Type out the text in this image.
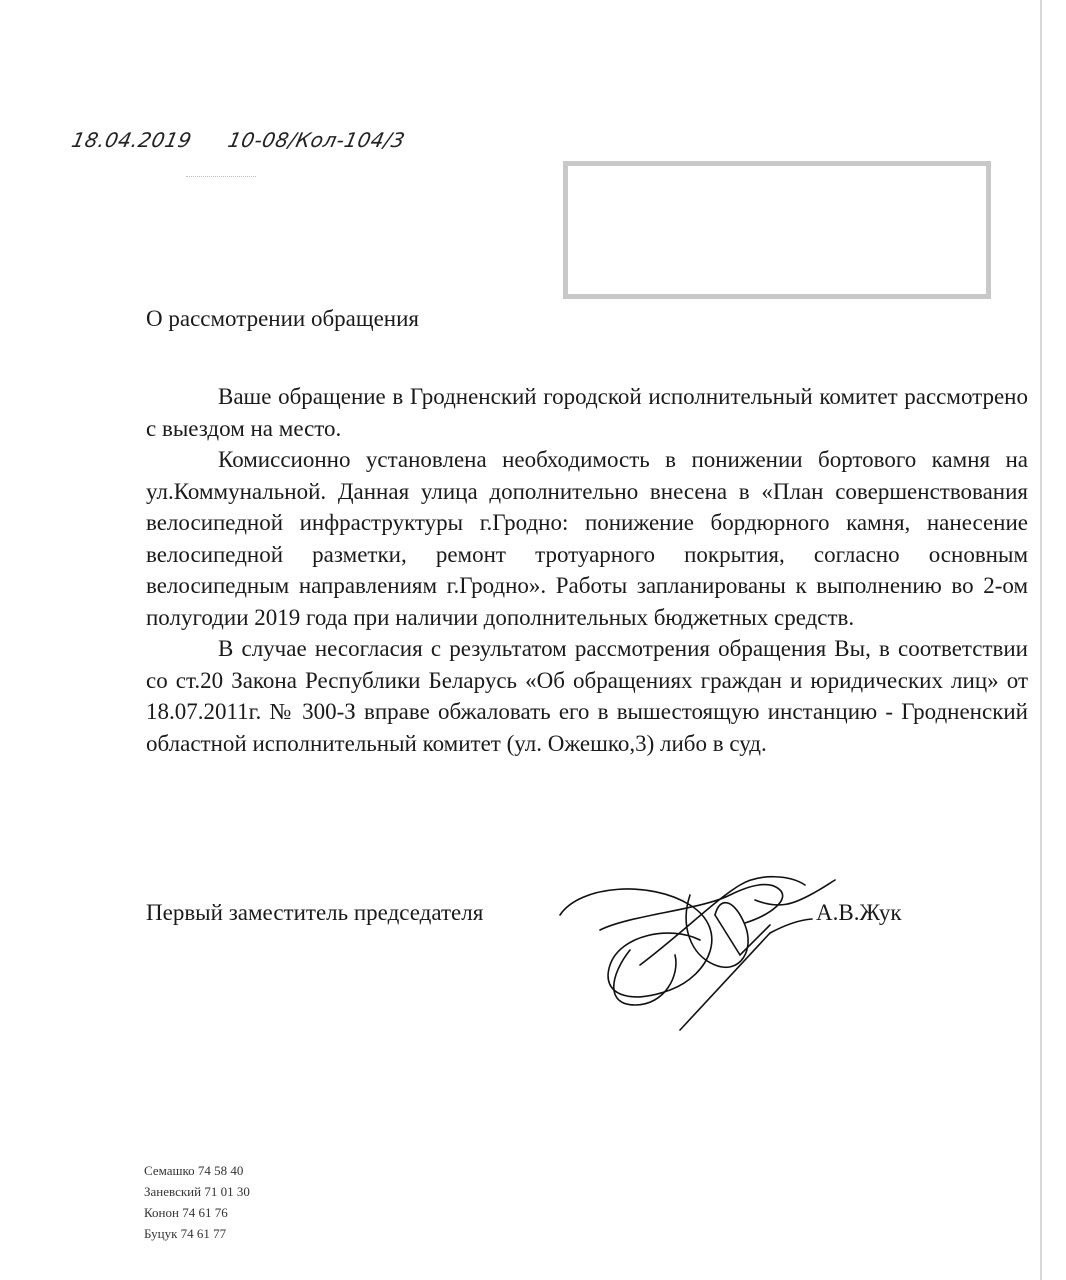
18.04.2019 10-08/Кол-104/3
О рассмотрении обращения

Ваше обращение в Гродненский городской исполнительный комитет рассмотрено с выездом на место.

Комиссионно установлена необходимость в понижении бортового камня на ул.Коммунальной. Данная улица дополнительно внесена в «План совершенствования велосипедной инфраструктуры г.Гродно: понижение бордюрного камня, нанесение велосипедной разметки, ремонт тротуарного покрытия, согласно основным велосипедным направлениям г.Гродно». Работы запланированы к выполнению во 2-ом полугодии 2019 года при наличии дополнительных бюджетных средств.

В случае несогласия с результатом рассмотрения обращения Вы, в соответствии со ст.20 Закона Республики Беларусь «Об обращениях граждан и юридических лиц» от 18.07.2011г. № 300-З вправе обжаловать его в вышестоящую инстанцию - Гродненский областной исполнительный комитет (ул. Ожешко,3) либо в суд.

Первый заместитель председателя	А.В.Жук
Семашко 74 58 40
Заневский 71 01 30
Конон 74 61 76
Буцук 74 61 77
